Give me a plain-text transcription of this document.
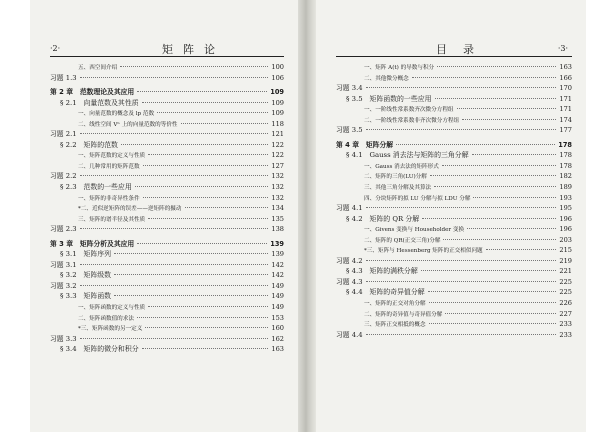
·2·	矩阵论
五、西空间介绍	100
习题 1.3	106
第 2 章　范数理论及其应用	109
§ 2.1　向量范数及其性质	109
一、向量范数的概念及 lp 范数	109
二、线性空间 Vⁿ 上的向量范数的等价性	118
习题 2.1	121
§ 2.2　矩阵的范数	122
一、矩阵范数的定义与性质	122
二、几种常用的矩阵范数	127
习题 2.2	132
§ 2.3　范数的一些应用	132
一、矩阵的非奇异性条件	132
*二、近似逆矩阵的误差——逆矩阵的摄动	134
三、矩阵的谱半径及其性质	135
习题 2.3	138
第 3 章　矩阵分析及其应用	139
§ 3.1　矩阵序列	139
习题 3.1	142
§ 3.2　矩阵级数	142
习题 3.2	149
§ 3.3　矩阵函数	149
一、矩阵函数的定义与性质	149
二、矩阵函数值的求法	153
*三、矩阵函数的另一定义	160
习题 3.3	162
§ 3.4　矩阵的微分和积分	163
目录	·3·
一、矩阵 A(t) 的导数与积分	163
二、其他微分概念	166
习题 3.4	170
§ 3.5　矩阵函数的一些应用	171
一、一阶线性常系数齐次微分方程组	171
二、一阶线性常系数非齐次微分方程组	174
习题 3.5	177
第 4 章　矩阵分解	178
§ 4.1　Gauss 消去法与矩阵的三角分解	178
一、Gauss 消去法的矩阵形式	178
二、矩阵的三角(LU)分解	182
三、其他三角分解及其算法	189
四、分块矩阵的拟 LU 分解与拟 LDU 分解	193
习题 4.1	195
§ 4.2　矩阵的 QR 分解	196
一、Givens 变换与 Householder 变换	196
二、矩阵的 QR(正交三角)分解	203
*三、矩阵与 Hessenberg 矩阵的正交相似问题	215
习题 4.2	219
§ 4.3　矩阵的满秩分解	221
习题 4.3	225
§ 4.4　矩阵的奇异值分解	225
一、矩阵的正交对角分解	226
二、矩阵的奇异值与奇异值分解	227
三、矩阵正交相抵的概念	233
习题 4.4	233
